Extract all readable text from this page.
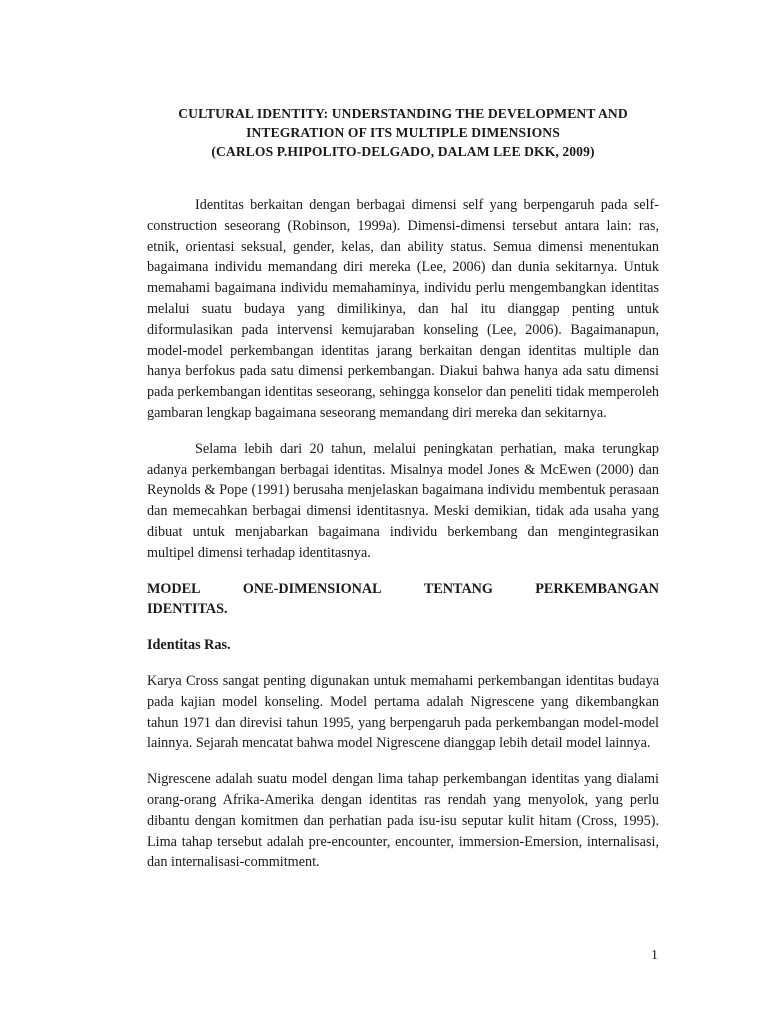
CULTURAL IDENTITY: UNDERSTANDING THE DEVELOPMENT AND
INTEGRATION OF ITS MULTIPLE DIMENSIONS
(CARLOS P.HIPOLITO-DELGADO, DALAM LEE DKK, 2009)

Identitas berkaitan dengan berbagai dimensi self yang berpengaruh pada self-construction seseorang (Robinson, 1999a). Dimensi-dimensi tersebut antara lain: ras, etnik, orientasi seksual, gender, kelas, dan ability status. Semua dimensi menentukan bagaimana individu memandang diri mereka (Lee, 2006) dan dunia sekitarnya. Untuk memahami bagaimana individu memahaminya, individu perlu mengembangkan identitas melalui suatu budaya yang dimilikinya, dan hal itu dianggap penting untuk diformulasikan pada intervensi kemujaraban konseling (Lee, 2006). Bagaimanapun, model-model perkembangan identitas jarang berkaitan dengan identitas multiple dan hanya berfokus pada satu dimensi perkembangan. Diakui bahwa hanya ada satu dimensi pada perkembangan identitas seseorang, sehingga konselor dan peneliti tidak memperoleh gambaran lengkap bagaimana seseorang memandang diri mereka dan sekitarnya.

Selama lebih dari 20 tahun, melalui peningkatan perhatian, maka terungkap adanya perkembangan berbagai identitas. Misalnya model Jones & McEwen (2000) dan Reynolds & Pope (1991) berusaha menjelaskan bagaimana individu membentuk perasaan dan memecahkan berbagai dimensi identitasnya. Meski demikian, tidak ada usaha yang dibuat untuk menjabarkan bagaimana individu berkembang dan mengintegrasikan multipel dimensi terhadap identitasnya.

MODEL	ONE-DIMENSIONAL	TENTANG	PERKEMBANGAN
IDENTITAS.

Identitas Ras.

Karya Cross sangat penting digunakan untuk memahami perkembangan identitas budaya pada kajian model konseling. Model pertama adalah Nigrescene yang dikembangkan tahun 1971 dan direvisi tahun 1995, yang berpengaruh pada perkembangan model-model lainnya. Sejarah mencatat bahwa model Nigrescene dianggap lebih detail model lainnya.

Nigrescene adalah suatu model dengan lima tahap perkembangan identitas yang dialami orang-orang Afrika-Amerika dengan identitas ras rendah yang menyolok, yang perlu dibantu dengan komitmen dan perhatian pada isu-isu seputar kulit hitam (Cross, 1995). Lima tahap tersebut adalah pre-encounter, encounter, immersion-Emersion, internalisasi, dan internalisasi-commitment.

1
